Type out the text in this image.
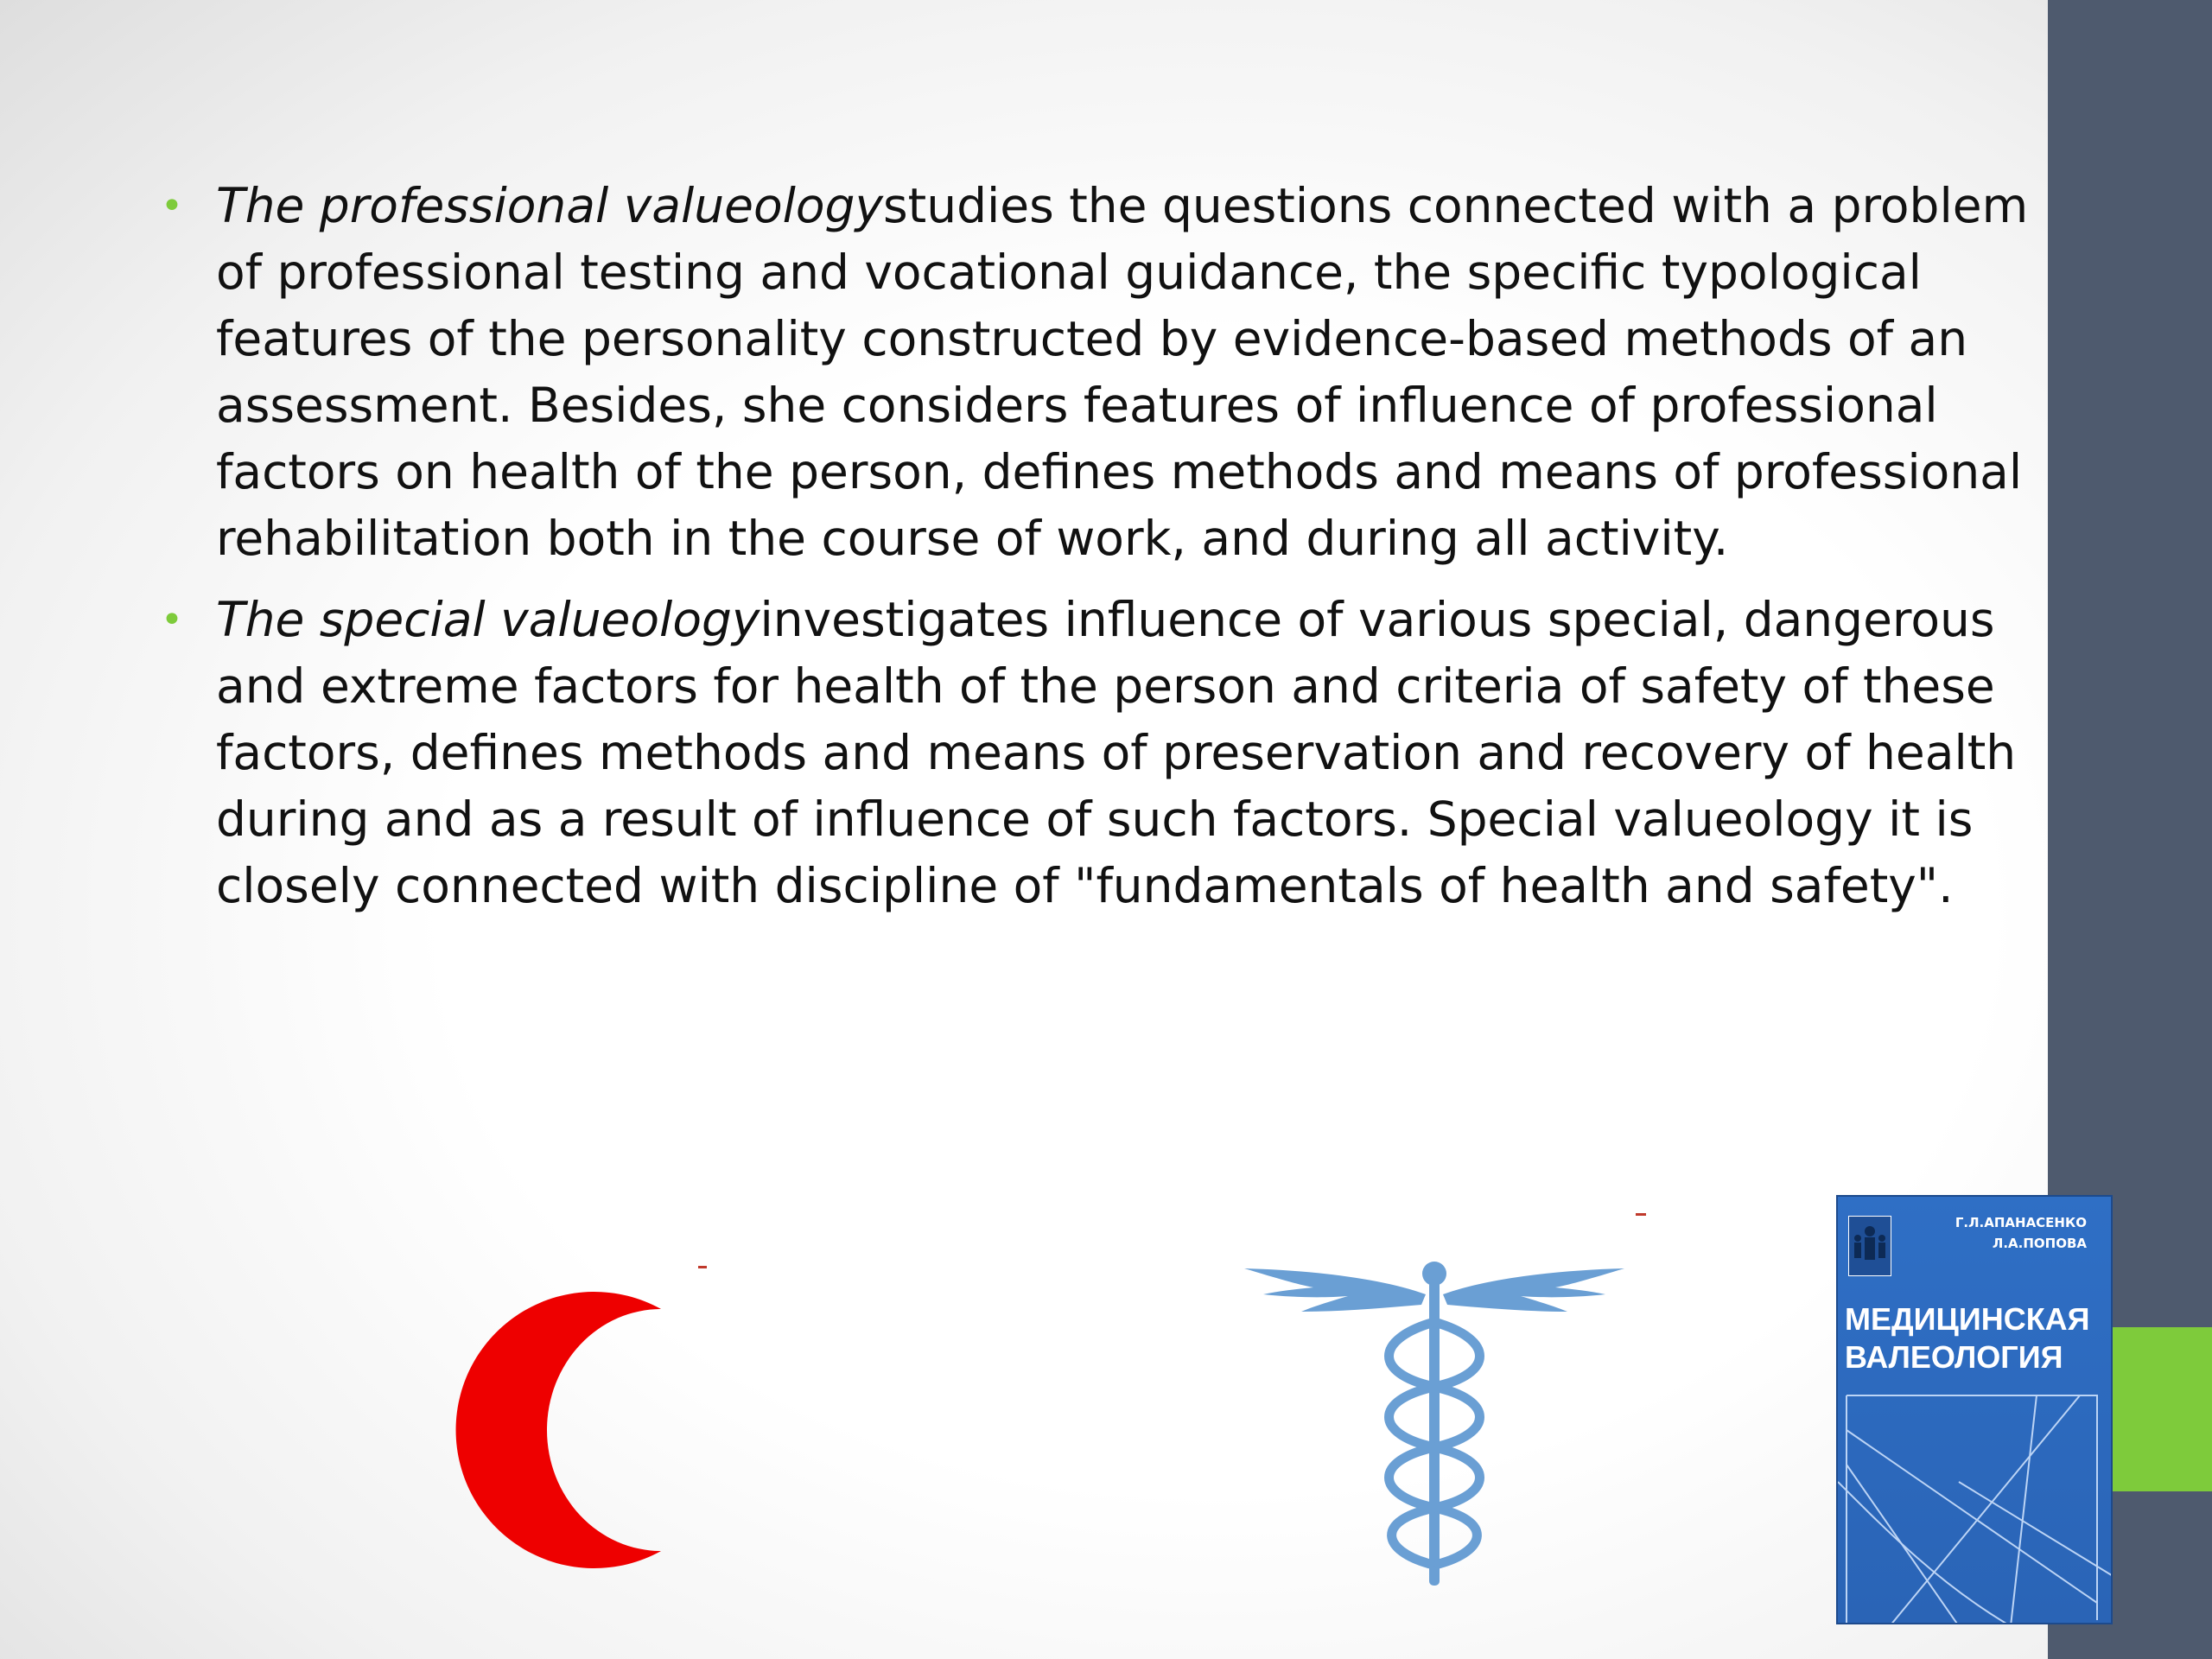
• The professional valueologystudies the questions connected with a problem of professional testing and vocational guidance, the specific typological features of the personality constructed by evidence-based methods of an assessment. Besides, she considers features of influence of professional factors on health of the person, defines methods and means of professional rehabilitation both in the course of work, and during all activity.
• The special valueologyinvestigates influence of various special, dangerous and extreme factors for health of the person and criteria of safety of these factors, defines methods and means of preservation and recovery of health during and as a result of influence of such factors. Special valueology it is closely connected with discipline of "fundamentals of health and safety".
Г.Л.АПАНАСЕНКО
Л.А.ПОПОВА
МЕДИЦИНСКАЯ
ВАЛЕОЛОГИЯ
